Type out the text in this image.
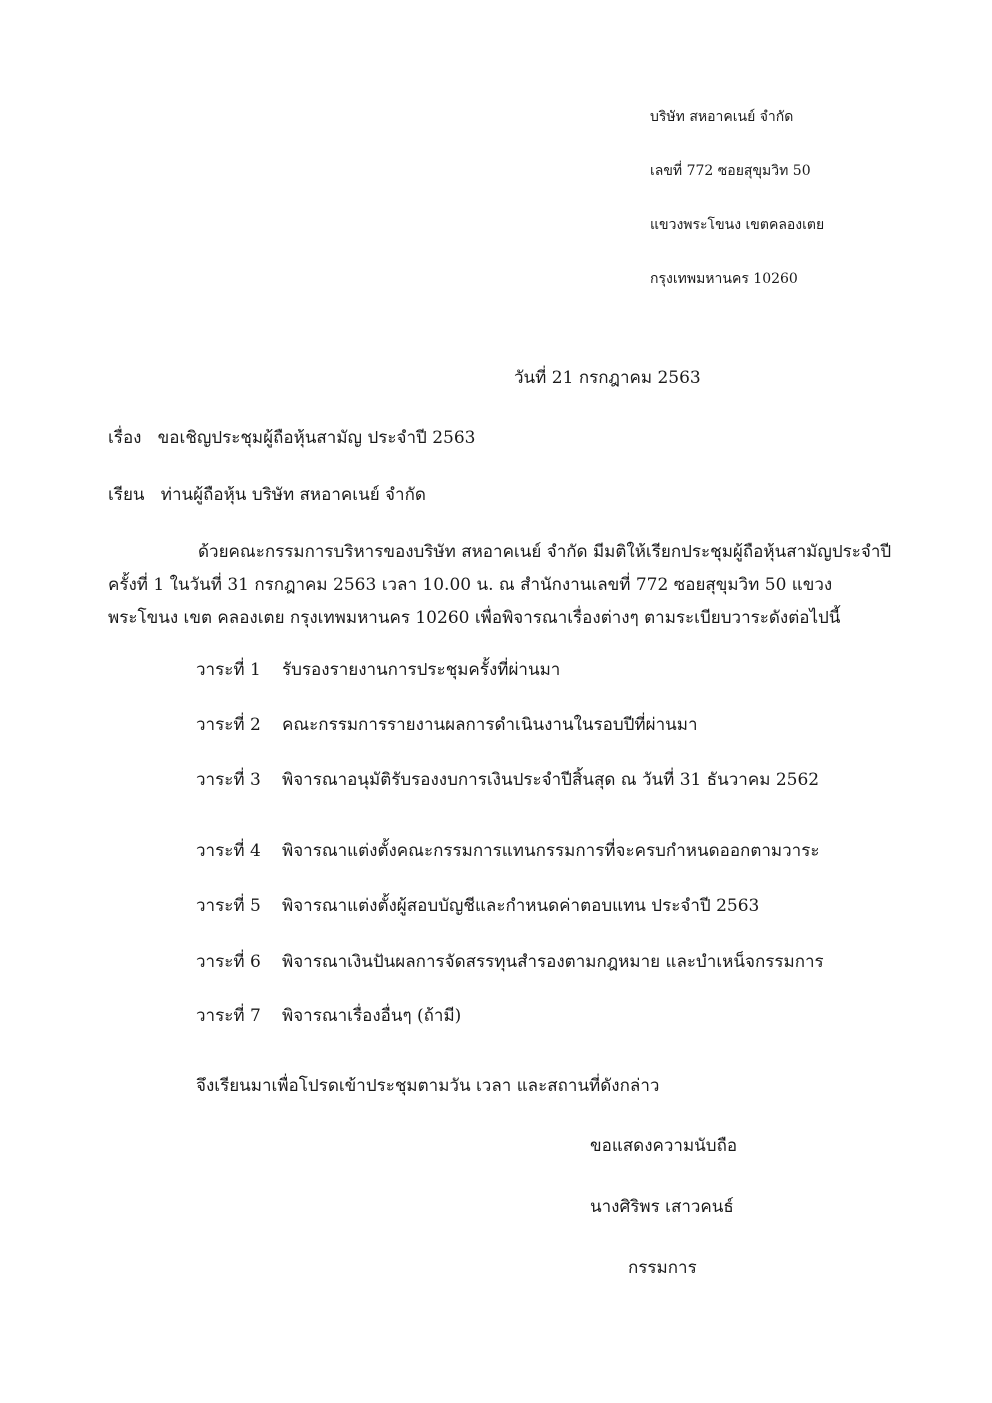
บริษัท สหอาคเนย์ จำกัด
เลขที่ 772 ซอยสุขุมวิท 50
แขวงพระโขนง เขตคลองเตย
กรุงเทพมหานคร 10260
วันที่ 21 กรกฎาคม 2563
เรื่อง ขอเชิญประชุมผู้ถือหุ้นสามัญ ประจำปี 2563
เรียน ท่านผู้ถือหุ้น บริษัท สหอาคเนย์ จำกัด
ด้วยคณะกรรมการบริหารของบริษัท สหอาคเนย์ จำกัด มีมติให้เรียกประชุมผู้ถือหุ้นสามัญประจำปี ครั้งที่ 1 ในวันที่ 31 กรกฎาคม 2563 เวลา 10.00 น. ณ สำนักงานเลขที่ 772 ซอยสุขุมวิท 50 แขวงพระโขนง เขต คลองเตย กรุงเทพมหานคร 10260 เพื่อพิจารณาเรื่องต่างๆ ตามระเบียบวาระดังต่อไปนี้
วาระที่ 1 รับรองรายงานการประชุมครั้งที่ผ่านมา
วาระที่ 2 คณะกรรมการรายงานผลการดำเนินงานในรอบปีที่ผ่านมา
วาระที่ 3 พิจารณาอนุมัติรับรองงบการเงินประจำปีสิ้นสุด ณ วันที่ 31 ธันวาคม 2562
วาระที่ 4 พิจารณาแต่งตั้งคณะกรรมการแทนกรรมการที่จะครบกำหนดออกตามวาระ
วาระที่ 5 พิจารณาแต่งตั้งผู้สอบบัญชีและกำหนดค่าตอบแทน ประจำปี 2563
วาระที่ 6 พิจารณาเงินปันผลการจัดสรรทุนสำรองตามกฎหมาย และบำเหน็จกรรมการ
วาระที่ 7 พิจารณาเรื่องอื่นๆ (ถ้ามี)
จึงเรียนมาเพื่อโปรดเข้าประชุมตามวัน เวลา และสถานที่ดังกล่าว
ขอแสดงความนับถือ
นางศิริพร เสาวคนธ์
กรรมการ
